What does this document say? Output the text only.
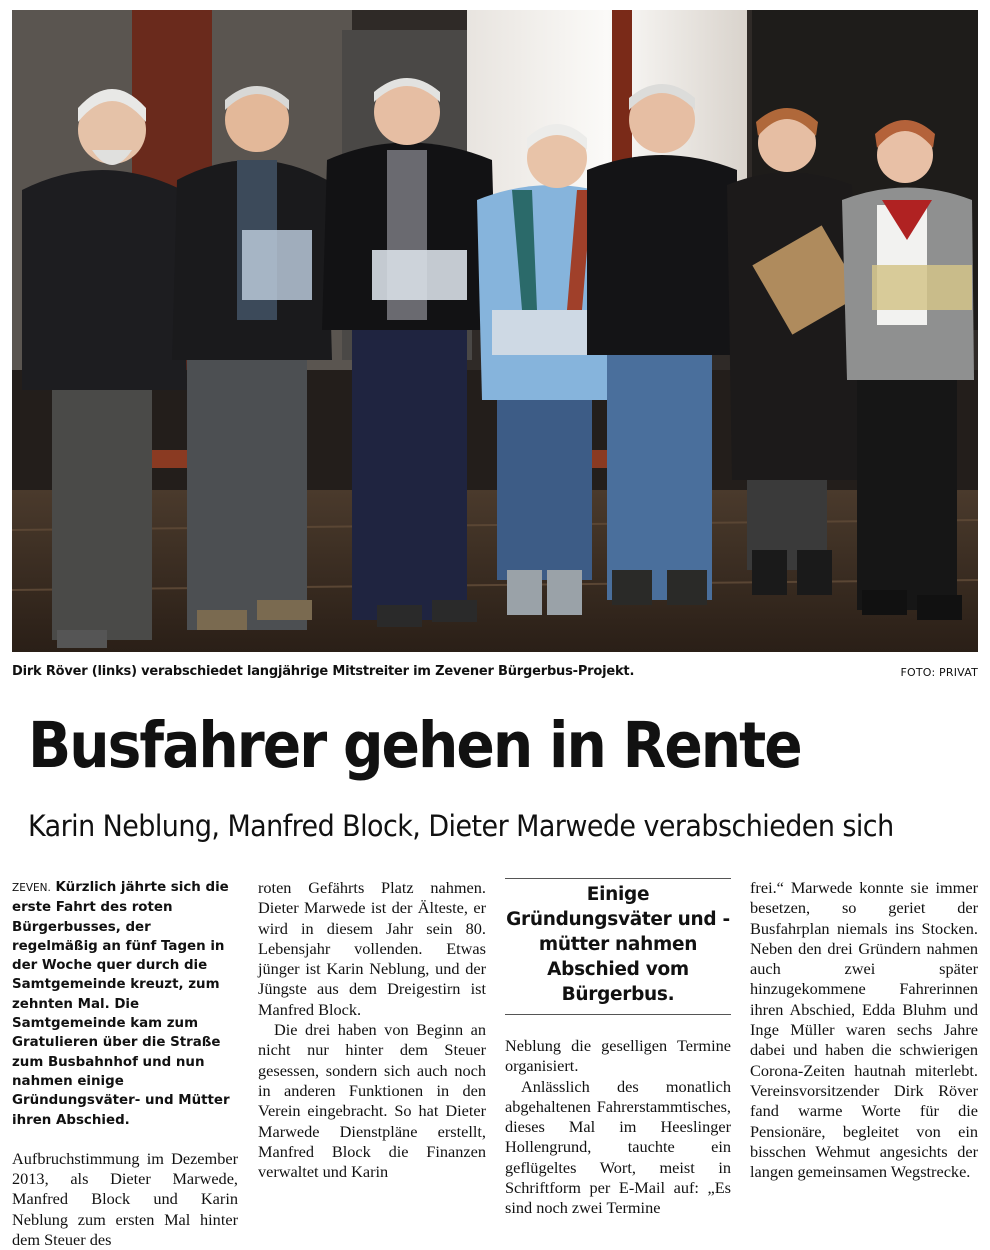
Dirk Röver (links) verabschiedet langjährige Mitstreiter im Zevener Bürgerbus-Projekt.	FOTO: PRIVAT
Busfahrer gehen in Rente
Karin Neblung, Manfred Block, Dieter Marwede verabschieden sich

ZEVEN. Kürzlich jährte sich die erste Fahrt des roten Bürgerbusses, der regelmäßig an fünf Tagen in der Woche quer durch die Samtgemeinde kreuzt, zum zehnten Mal. Die Samtgemeinde kam zum Gratulieren über die Straße zum Busbahnhof und nun nahmen einige Gründungsväter- und Mütter ihren Abschied.

Aufbruchstimmung im Dezember 2013, als Dieter Marwede, Manfred Block und Karin Neblung zum ersten Mal hinter dem Steuer des

roten Gefährts Platz nahmen. Dieter Marwede ist der Älteste, er wird in diesem Jahr sein 80. Lebensjahr vollenden. Etwas jünger ist Karin Neblung, und der Jüngste aus dem Dreigestirn ist Manfred Block.

Die drei haben von Beginn an nicht nur hinter dem Steuer gesessen, sondern sich auch noch in anderen Funktionen in den Verein eingebracht. So hat Dieter Marwede Dienstpläne erstellt, Manfred Block die Finanzen verwaltet und Karin

Einige Gründungsväter und -mütter nahmen Abschied vom Bürgerbus.

Neblung die geselligen Termine organisiert.

Anlässlich des monatlich abgehaltenen Fahrerstammtisches, dieses Mal im Heeslinger Hollengrund, tauchte ein geflügeltes Wort, meist in Schriftform per E-Mail auf: „Es sind noch zwei Termine

frei.“ Marwede konnte sie immer besetzen, so geriet der Busfahrplan niemals ins Stocken. Neben den drei Gründern nahmen auch zwei später hinzugekommene Fahrerinnen ihren Abschied, Edda Bluhm und Inge Müller waren sechs Jahre dabei und haben die schwierigen Corona-Zeiten hautnah miterlebt. Vereinsvorsitzender Dirk Röver fand warme Worte für die Pensionäre, begleitet von ein bisschen Wehmut angesichts der langen gemeinsamen Wegstrecke.
